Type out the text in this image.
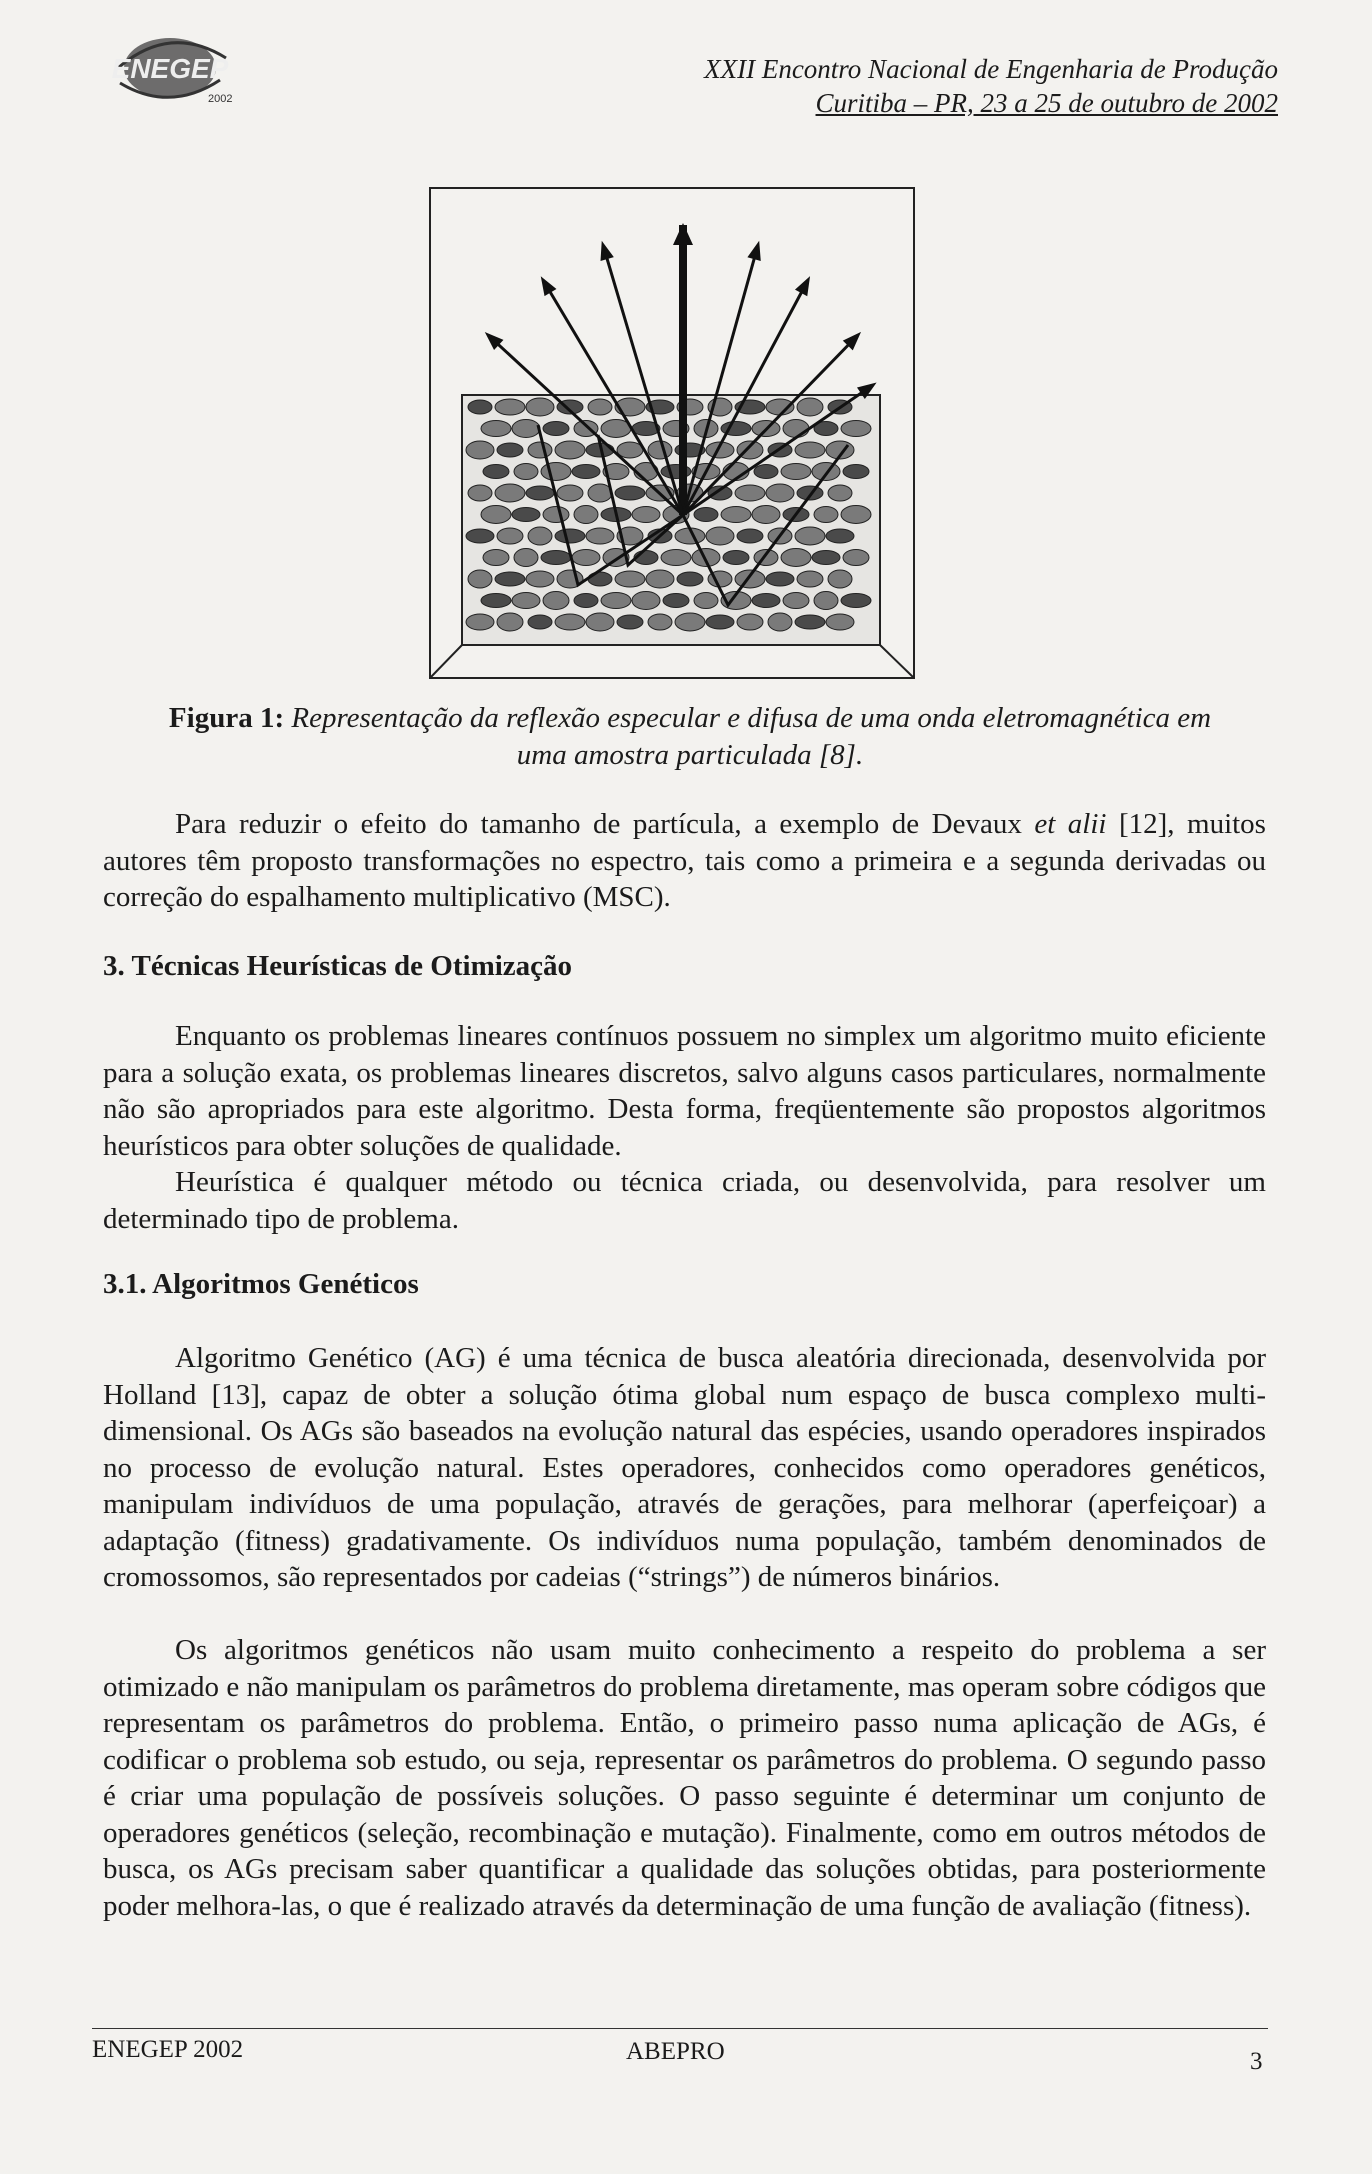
ENEGEP
2002
XXII Encontro Nacional de Engenharia de Produção
Curitiba – PR, 23 a 25 de outubro de 2002
Figura 1: Representação da reflexão especular e difusa de uma onda eletromagnética em
uma amostra particulada [8].
Para reduzir o efeito do tamanho de partícula, a exemplo de Devaux et alii [12], muitos autores têm proposto transformações no espectro, tais como a primeira e a segunda derivadas ou correção do espalhamento multiplicativo (MSC).
3. Técnicas Heurísticas de Otimização
Enquanto os problemas lineares contínuos possuem no simplex um algoritmo muito eficiente para a solução exata, os problemas lineares discretos, salvo alguns casos particulares, normalmente não são apropriados para este algoritmo. Desta forma, freqüentemente são propostos algoritmos heurísticos para obter soluções de qualidade.
Heurística é qualquer método ou técnica criada, ou desenvolvida, para resolver um determinado tipo de problema.
3.1. Algoritmos Genéticos
Algoritmo Genético (AG) é uma técnica de busca aleatória direcionada, desenvolvida por Holland [13], capaz de obter a solução ótima global num espaço de busca complexo multi-dimensional. Os AGs são baseados na evolução natural das espécies, usando operadores inspirados no processo de evolução natural. Estes operadores, conhecidos como operadores genéticos, manipulam indivíduos de uma população, através de gerações, para melhorar (aperfeiçoar) a adaptação (fitness) gradativamente. Os indivíduos numa população, também denominados de cromossomos, são representados por cadeias (“strings”) de números binários.
Os algoritmos genéticos não usam muito conhecimento a respeito do problema a ser otimizado e não manipulam os parâmetros do problema diretamente, mas operam sobre códigos que representam os parâmetros do problema. Então, o primeiro passo numa aplicação de AGs, é codificar o problema sob estudo, ou seja, representar os parâmetros do problema. O segundo passo é criar uma população de possíveis soluções. O passo seguinte é determinar um conjunto de operadores genéticos (seleção, recombinação e mutação). Finalmente, como em outros métodos de busca, os AGs precisam saber quantificar a qualidade das soluções obtidas, para posteriormente poder melhora-las, o que é realizado através da determinação de uma função de avaliação (fitness).
ENEGEP 2002	ABEPRO	3
